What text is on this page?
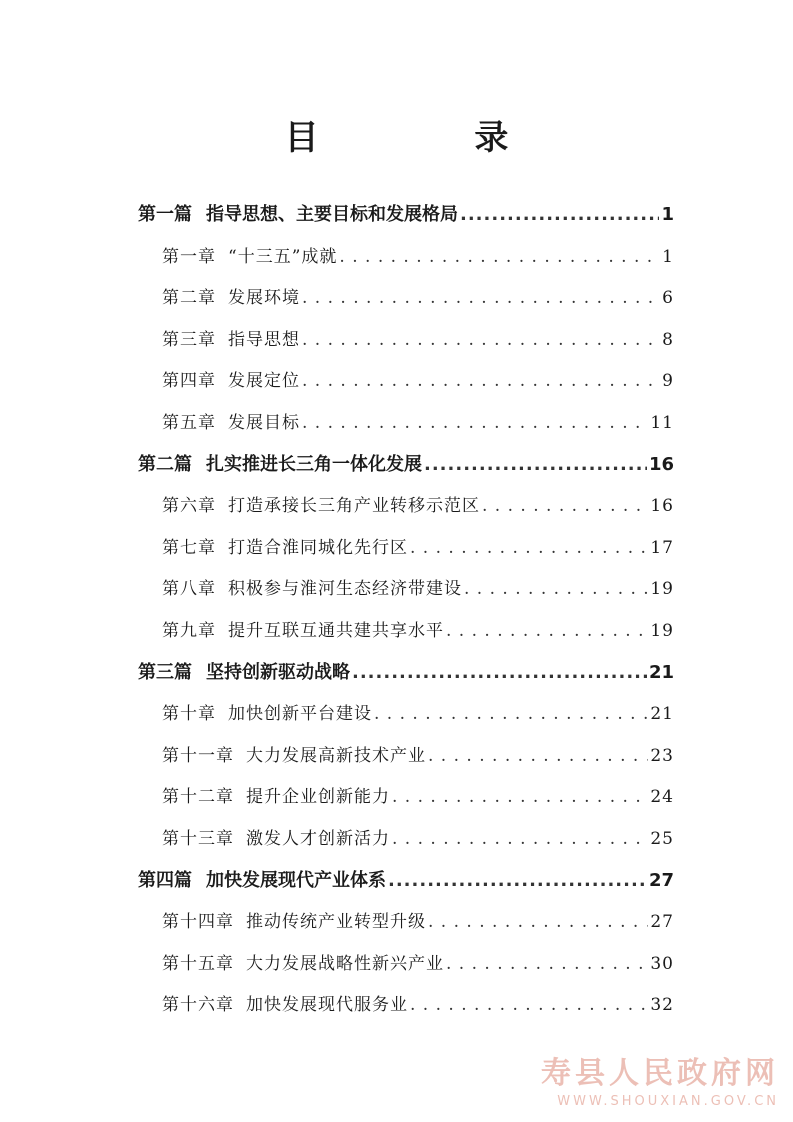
目 录
第一篇 指导思想、主要目标和发展格局 .....	1
第一章 “十三五”成就 . . .	1
第二章 发展环境 . . .	6
第三章 指导思想 . . .	8
第四章 发展定位 . . .	9
第五章 发展目标 . . .	11
第二篇 扎实推进长三角一体化发展 .....	16
第六章 打造承接长三角产业转移示范区 . . .	16
第七章 打造合淮同城化先行区 . . .	17
第八章 积极参与淮河生态经济带建设 . . .	19
第九章 提升互联互通共建共享水平 . . .	19
第三篇 坚持创新驱动战略 .....	21
第十章 加快创新平台建设 . . .	21
第十一章 大力发展高新技术产业 . . .	23
第十二章 提升企业创新能力 . . .	24
第十三章 激发人才创新活力 . . .	25
第四篇 加快发展现代产业体系 .....	27
第十四章 推动传统产业转型升级 . . .	27
第十五章 大力发展战略性新兴产业 . . .	30
第十六章 加快发展现代服务业 . . .	32
寿县人民政府网
WWW.SHOUXIAN.GOV.CN
